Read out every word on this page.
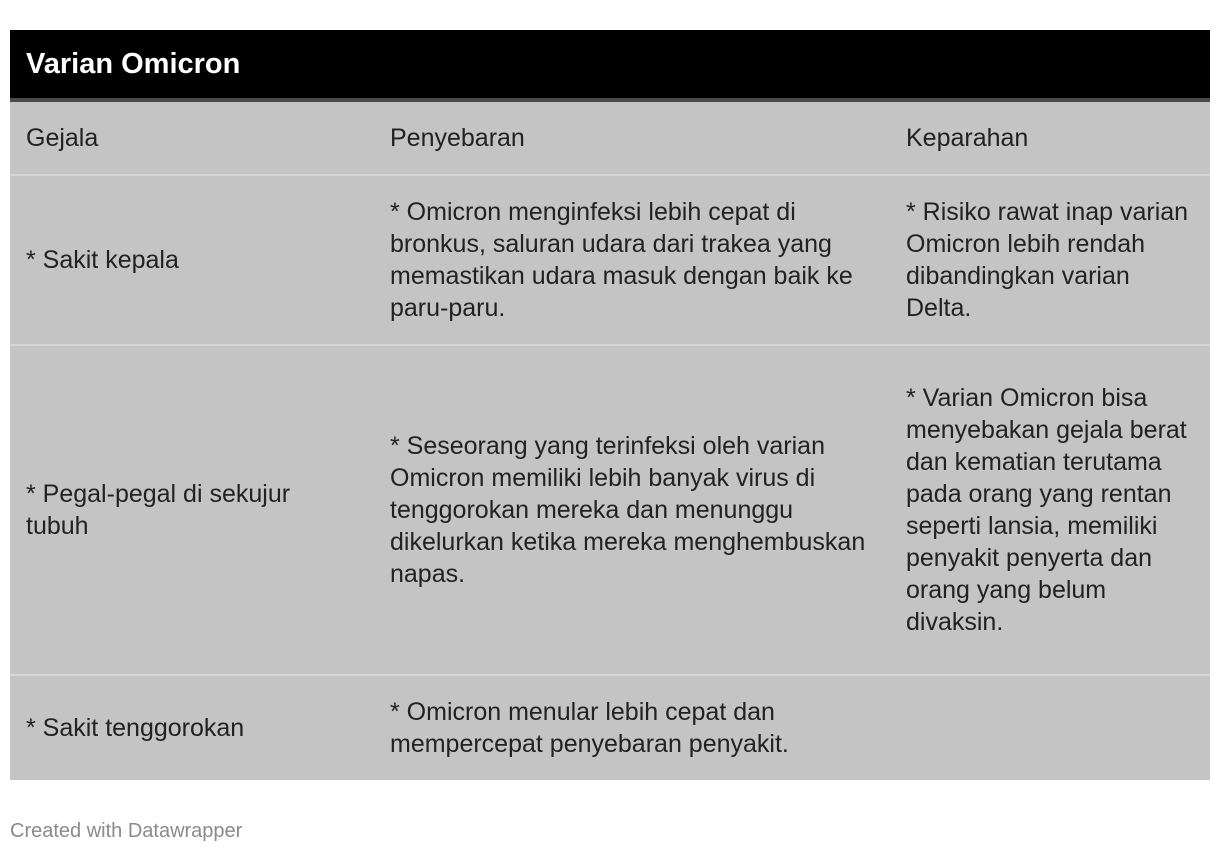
Varian Omicron
Gejala	Penyebaran	Keparahan
* Sakit kepala	* Omicron menginfeksi lebih cepat di bronkus, saluran udara dari trakea yang memastikan udara masuk dengan baik ke paru-paru.	* Risiko rawat inap varian Omicron lebih rendah dibandingkan varian Delta.
* Pegal-pegal di sekujur tubuh	* Seseorang yang terinfeksi oleh varian Omicron memiliki lebih banyak virus di tenggorokan mereka dan menunggu dikelurkan ketika mereka menghembuskan napas.	* Varian Omicron bisa menyebakan gejala berat dan kematian terutama pada orang yang rentan seperti lansia, memiliki penyakit penyerta dan orang yang belum divaksin.
* Sakit tenggorokan	* Omicron menular lebih cepat dan mempercepat penyebaran penyakit.	
Created with Datawrapper
